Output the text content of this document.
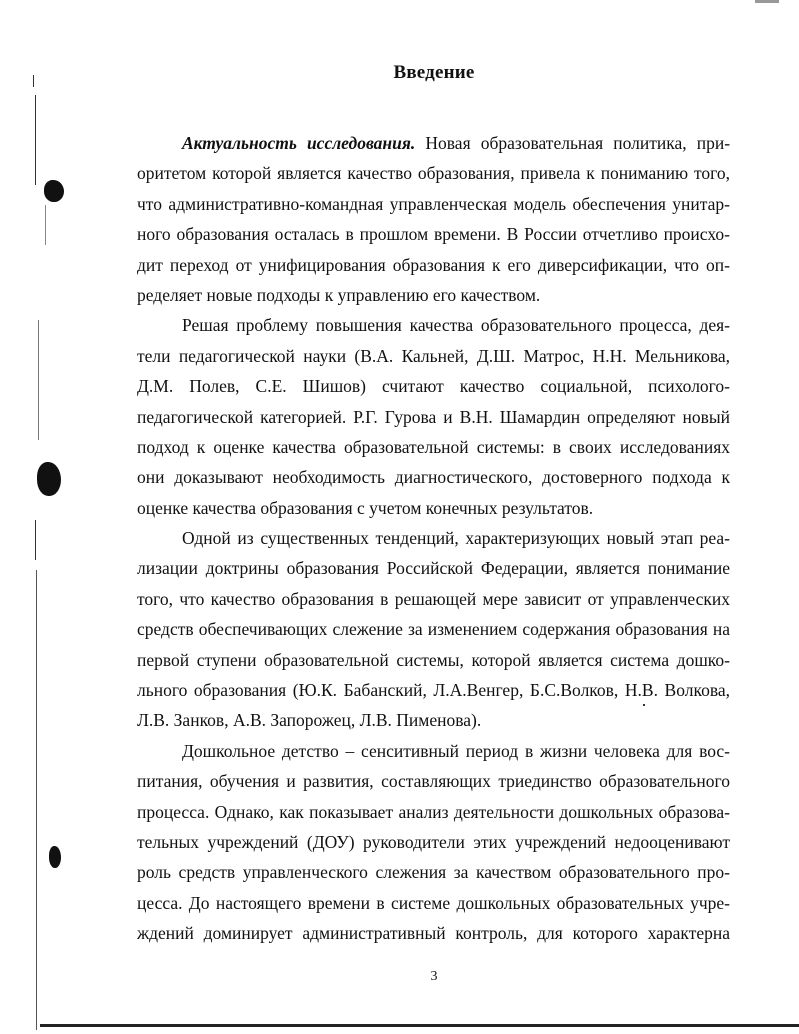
Введение
Актуальность исследования. Новая образовательная политика, при-
оритетом которой является качество образования, привела к пониманию того,
что административно-командная управленческая модель обеспечения унитар-
ного образования осталась в прошлом времени. В России отчетливо происхо-
дит переход от унифицирования образования к его диверсификации, что оп-
ределяет новые подходы к управлению его качеством.
Решая проблему повышения качества образовательного процесса, дея-
тели педагогической науки (В.А. Кальней, Д.Ш. Матрос, Н.Н. Мельникова,
Д.М. Полев, С.Е. Шишов) считают качество социальной, психолого-
педагогической категорией. Р.Г. Гурова и В.Н. Шамардин определяют новый
подход к оценке качества образовательной системы: в своих исследованиях
они доказывают необходимость диагностического, достоверного подхода к
оценке качества образования с учетом конечных результатов.
Одной из существенных тенденций, характеризующих новый этап реа-
лизации доктрины образования Российской Федерации, является понимание
того, что качество образования в решающей мере зависит от управленческих
средств обеспечивающих слежение за изменением содержания образования на
первой ступени образовательной системы, которой является система дошко-
льного образования (Ю.К. Бабанский, Л.А.Венгер, Б.С.Волков, Н.В. Волкова,
Л.В. Занков, А.В. Запорожец, Л.В. Пименова).
Дошкольное детство – сенситивный период в жизни человека для вос-
питания, обучения и развития, составляющих триединство образовательного
процесса. Однако, как показывает анализ деятельности дошкольных образова-
тельных учреждений (ДОУ) руководители этих учреждений недооценивают
роль средств управленческого слежения за качеством образовательного про-
цесса. До настоящего времени в системе дошкольных образовательных учре-
ждений доминирует административный контроль, для которого характерна
3
